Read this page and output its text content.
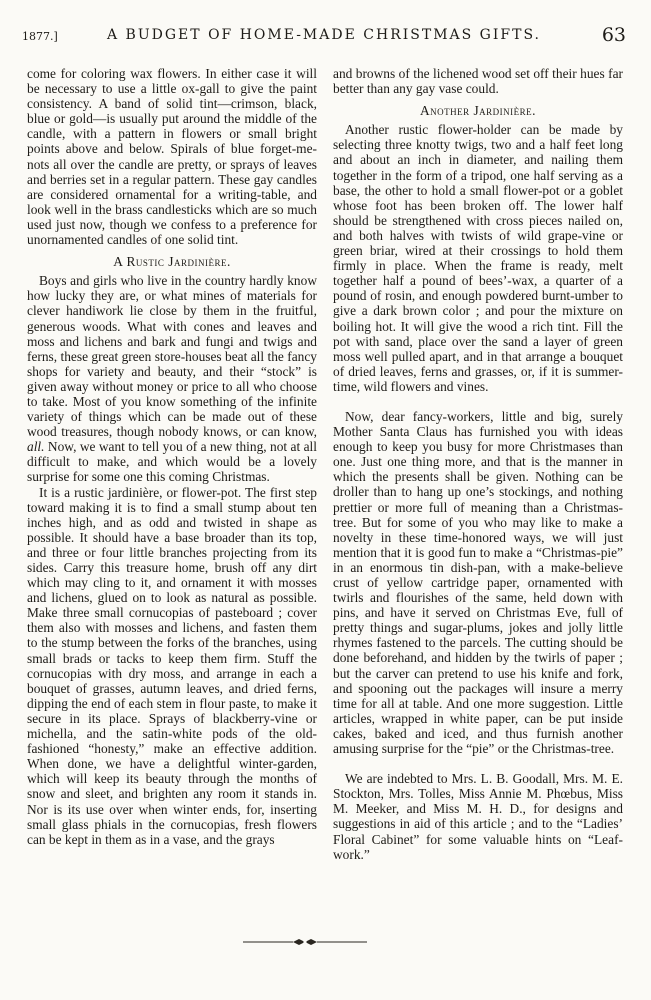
1877.]	A BUDGET OF HOME-MADE CHRISTMAS GIFTS.	63

come for coloring wax flowers. In either case it will be necessary to use a little ox-gall to give the paint consistency. A band of solid tint—crimson, black, blue or gold—is usually put around the middle of the candle, with a pattern in flowers or small bright points above and below. Spirals of blue forget-me-nots all over the candle are pretty, or sprays of leaves and berries set in a regular pattern. These gay candles are considered ornamental for a writing-table, and look well in the brass candlesticks which are so much used just now, though we confess to a preference for unornamented candles of one solid tint.

A Rustic Jardinière.

Boys and girls who live in the country hardly know how lucky they are, or what mines of materials for clever handiwork lie close by them in the fruitful, generous woods. What with cones and leaves and moss and lichens and bark and fungi and twigs and ferns, these great green store-houses beat all the fancy shops for variety and beauty, and their “stock” is given away without money or price to all who choose to take. Most of you know something of the infinite variety of things which can be made out of these wood treasures, though nobody knows, or can know, all. Now, we want to tell you of a new thing, not at all difficult to make, and which would be a lovely surprise for some one this coming Christmas.

It is a rustic jardinière, or flower-pot. The first step toward making it is to find a small stump about ten inches high, and as odd and twisted in shape as possible. It should have a base broader than its top, and three or four little branches projecting from its sides. Carry this treasure home, brush off any dirt which may cling to it, and ornament it with mosses and lichens, glued on to look as natural as possible. Make three small cornucopias of pasteboard ; cover them also with mosses and lichens, and fasten them to the stump between the forks of the branches, using small brads or tacks to keep them firm. Stuff the cornucopias with dry moss, and arrange in each a bouquet of grasses, autumn leaves, and dried ferns, dipping the end of each stem in flour paste, to make it secure in its place. Sprays of blackberry-vine or michella, and the satin-white pods of the old-fashioned “honesty,” make an effective addition. When done, we have a delightful winter-garden, which will keep its beauty through the months of snow and sleet, and brighten any room it stands in. Nor is its use over when winter ends, for, inserting small glass phials in the cornucopias, fresh flowers can be kept in them as in a vase, and the grays

and browns of the lichened wood set off their hues far better than any gay vase could.

Another Jardinière.

Another rustic flower-holder can be made by selecting three knotty twigs, two and a half feet long and about an inch in diameter, and nailing them together in the form of a tripod, one half serving as a base, the other to hold a small flower-pot or a goblet whose foot has been broken off. The lower half should be strengthened with cross pieces nailed on, and both halves with twists of wild grape-vine or green briar, wired at their crossings to hold them firmly in place. When the frame is ready, melt together half a pound of bees’-wax, a quarter of a pound of rosin, and enough powdered burnt-umber to give a dark brown color ; and pour the mixture on boiling hot. It will give the wood a rich tint. Fill the pot with sand, place over the sand a layer of green moss well pulled apart, and in that arrange a bouquet of dried leaves, ferns and grasses, or, if it is summer-time, wild flowers and vines.

Now, dear fancy-workers, little and big, surely Mother Santa Claus has furnished you with ideas enough to keep you busy for more Christmases than one. Just one thing more, and that is the manner in which the presents shall be given. Nothing can be droller than to hang up one’s stockings, and nothing prettier or more full of meaning than a Christmas-tree. But for some of you who may like to make a novelty in these time-honored ways, we will just mention that it is good fun to make a “Christmas-pie” in an enormous tin dish-pan, with a make-believe crust of yellow cartridge paper, ornamented with twirls and flourishes of the same, held down with pins, and have it served on Christmas Eve, full of pretty things and sugar-plums, jokes and jolly little rhymes fastened to the parcels. The cutting should be done beforehand, and hidden by the twirls of paper ; but the carver can pretend to use his knife and fork, and spooning out the packages will insure a merry time for all at table. And one more suggestion. Little articles, wrapped in white paper, can be put inside cakes, baked and iced, and thus furnish another amusing surprise for the “pie” or the Christmas-tree.

We are indebted to Mrs. L. B. Goodall, Mrs. M. E. Stockton, Mrs. Tolles, Miss Annie M. Phœbus, Miss M. Meeker, and Miss M. H. D., for designs and suggestions in aid of this article ; and to the “Ladies’ Floral Cabinet” for some valuable hints on “Leaf-work.”
